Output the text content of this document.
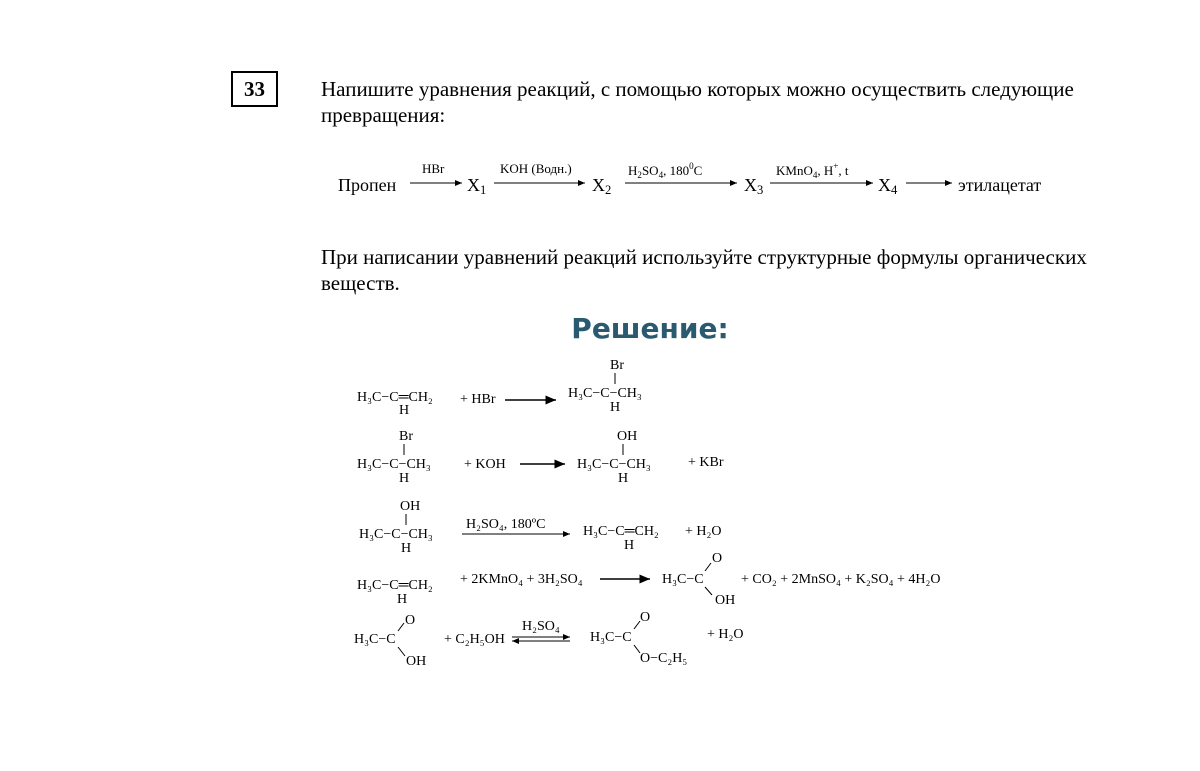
33	Напишите уравнения реакций, с помощью которых можно осуществить следующие превращения:
Пропен
HBr
$X_1$
KOH (Водн.)
$X_2$
$H_2SO_4$, $180^0C$
$X_3$
KMnO$_4$, H+, t
$X_4$	этилацетат
При написании уравнений реакций используйте структурные формулы органических веществ.
Решение:
H₃C−C═CH₂
H
+ HBr
Br
H₃C−C−CH₃
H
Br
H₃C−C−CH₃
H
+ KOH
OH
H₃C−C−CH₃
H
+ KBr
OH
H₃C−C−CH₃
H
H₂SO₄, 180ºC	H₃C−C═CH₂
H
+ H₂O
H₃C−C═CH₂
H
+ 2KMnO₄ + 3H₂SO₄
O
H₃C−C
OH
+ CO₂ + 2MnSO₄ + K₂SO₄ + 4H₂O
O
H₃C−C
OH
+ C₂H₅OH
H₂SO₄
O
H₃C−C
O−C₂H₅
+ H₂O
